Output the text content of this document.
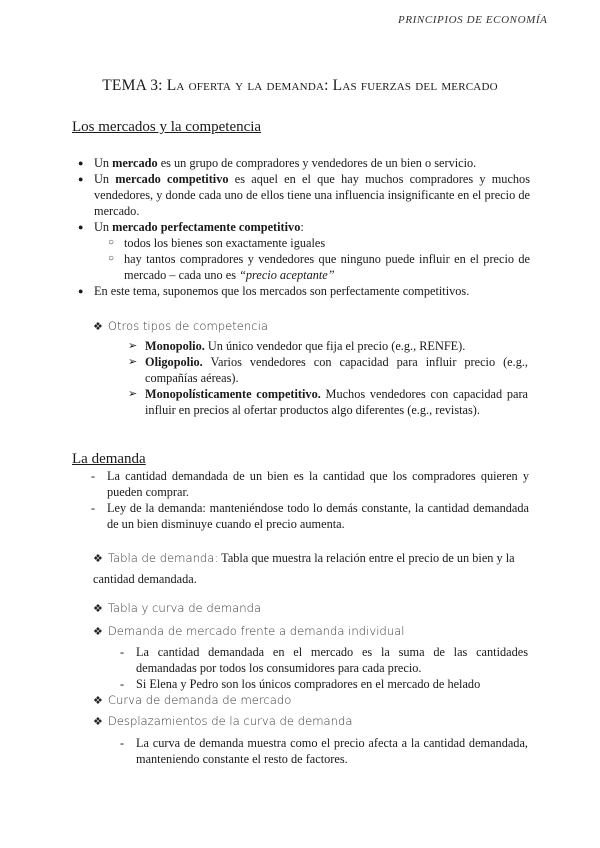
PRINCIPIOS DE ECONOMÍA
TEMA 3: La oferta y la demanda: Las fuerzas del mercado
Los mercados y la competencia
● Un mercado es un grupo de compradores y vendedores de un bien o servicio.
● Un mercado competitivo es aquel en el que hay muchos compradores y muchos vendedores, y donde cada uno de ellos tiene una influencia insignificante en el precio de mercado.
● Un mercado perfectamente competitivo:
○ todos los bienes son exactamente iguales
○ hay tantos compradores y vendedores que ninguno puede influir en el precio de mercado – cada uno es “precio aceptante”
● En este tema, suponemos que los mercados son perfectamente competitivos.
❖ Otros tipos de competencia
➢ Monopolio. Un único vendedor que fija el precio (e.g., RENFE).
➢ Oligopolio. Varios vendedores con capacidad para influir precio (e.g., compañías aéreas).
➢ Monopolísticamente competitivo. Muchos vendedores con capacidad para influir en precios al ofertar productos algo diferentes (e.g., revistas).
La demanda
- La cantidad demandada de un bien es la cantidad que los compradores quieren y pueden comprar.
- Ley de la demanda: manteniéndose todo lo demás constante, la cantidad demandada de un bien disminuye cuando el precio aumenta.
❖ Tabla de demanda: Tabla que muestra la relación entre el precio de un bien y la cantidad demandada.
❖ Tabla y curva de demanda
❖ Demanda de mercado frente a demanda individual
- La cantidad demandada en el mercado es la suma de las cantidades demandadas por todos los consumidores para cada precio.
- Si Elena y Pedro son los únicos compradores en el mercado de helado
❖ Curva de demanda de mercado
❖ Desplazamientos de la curva de demanda
- La curva de demanda muestra como el precio afecta a la cantidad demandada, manteniendo constante el resto de factores.
